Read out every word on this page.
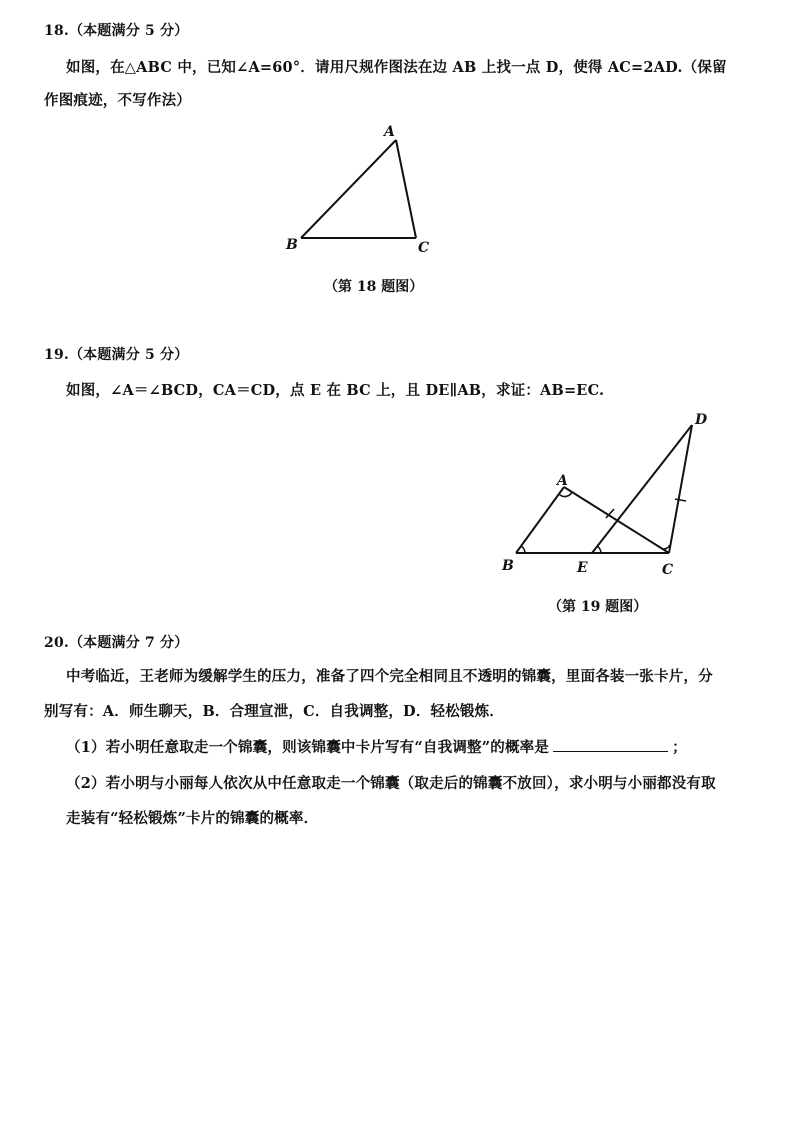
18.（本题满分 5 分）
如图，在△ABC 中，已知∠A=60°．请用尺规作图法在边 AB 上找一点 D，使得 AC=2AD.（保留
作图痕迹，不写作法）
A
B	C
（第 18 题图）
19.（本题满分 5 分）
如图，∠A＝∠BCD，CA＝CD，点 E 在 BC 上，且 DE∥AB，求证：AB=EC.
A
B	C
D
E
（第 19 题图）
20.（本题满分 7 分）
中考临近，王老师为缓解学生的压力，准备了四个完全相同且不透明的锦囊，里面各装一张卡片，分
别写有：A．师生聊天，B．合理宣泄，C．自我调整，D．轻松锻炼．
（1）若小明任意取走一个锦囊，则该锦囊中卡片写有“自我调整”的概率是	；
（2）若小明与小丽每人依次从中任意取走一个锦囊（取走后的锦囊不放回），求小明与小丽都没有取
走装有“轻松锻炼”卡片的锦囊的概率．
